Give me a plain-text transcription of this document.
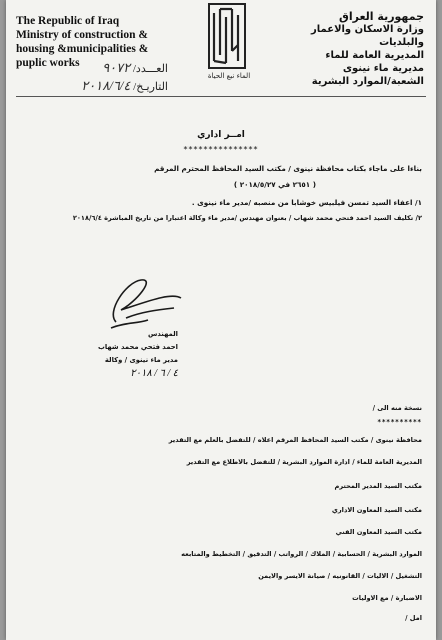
The Republic of Iraq
Ministry of construction &
housing &municipalities &
puplic works
الماء نبع الحياة
جمهورية العراق
وزارة الاسكان والاعمار والبلديات
المديرية العامة للماء
مديرية ماء نينوى
الشعبة/الموارد البشرية
العـــدد/ ٩٠٧٢
التاريـخ/ ٢٠١٨/٦/٤
امــر اداري
***************
بناءا على ماجاء بكتاب محافظة نينوى / مكتب السيد المحافظ المحترم المرقم
( ٢٦٥١ في ٢٠١٨/٥/٢٧ )
١/ اعفاء السيد تمسن فيلبيس خوشابا من منصبه /مدير ماء نينوى .
٢/ تكليف السيد احمد فتحي محمد شهاب / بعنوان مهندس /مدير ماء وكالة اعتبارا من تاريخ المباشرة ٢٠١٨/٦/٤
المهندس
احمد فتحي محمد شهاب
مدير ماء نينوى / وكالة
٤ / ٦ / ٢٠١٨
نسخة منه الى /
**********
محافظة نينوى / مكتب السيد المحافظ المرقم اعلاه / للتفضل بالعلم مع التقدير
المديرية العامة للماء / ادارة الموارد البشرية / للتفضل بالاطلاع مع التقدير
مكتب السيد المدير المحترم
مكتب السيد المعاون الاداري
مكتب السيد المعاون الفني
الموارد البشرية / الحسابية / الملاك / الرواتب / التدقيق / التخطيط والمتابعه
التشغيل / الاليات / القانونيه / صيانة الايسر والايمن
الاضبارة / مع الاوليات
امل /
